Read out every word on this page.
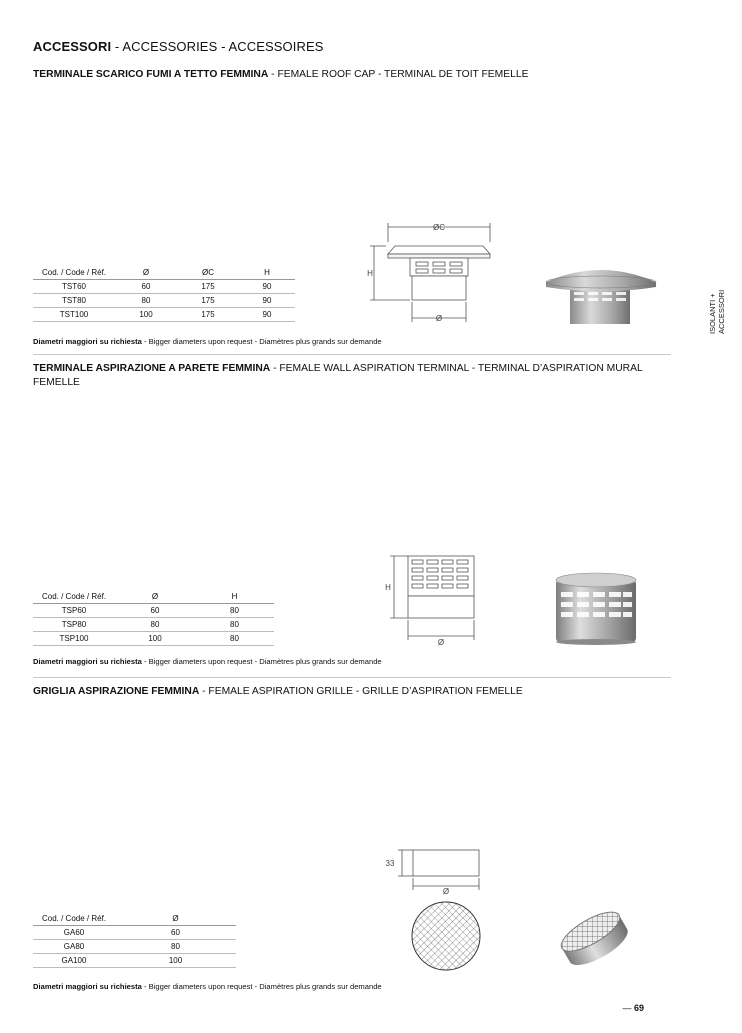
ACCESSORI - ACCESSORIES - ACCESSOIRES
ISOLANTI +
ACCESSORI
TERMINALE SCARICO FUMI A TETTO FEMMINA - FEMALE ROOF CAP - TERMINAL DE TOIT FEMELLE
Cod. / Code / Réf.	Ø	ØC	H
TST60	60	175	90
TST80	80	175	90
TST100	100	175	90
ØC
H
Ø
Diametri maggiori su richiesta - Bigger diameters upon request - Diamètres plus grands sur demande
TERMINALE ASPIRAZIONE A PARETE FEMMINA - FEMALE WALL ASPIRATION TERMINAL - TERMINAL D’ASPIRATION MURAL FEMELLE
Cod. / Code / Réf.	Ø	H
TSP60	60	80
TSP80	80	80
TSP100	100	80
H
Ø
Diametri maggiori su richiesta - Bigger diameters upon request - Diamètres plus grands sur demande
GRIGLIA ASPIRAZIONE FEMMINA - FEMALE ASPIRATION GRILLE - GRILLE D’ASPIRATION FEMELLE
Cod. / Code / Réf.	Ø
GA60	60
GA80	80
GA100	100
33
Ø
Diametri maggiori su richiesta - Bigger diameters upon request - Diamètres plus grands sur demande
— 69
